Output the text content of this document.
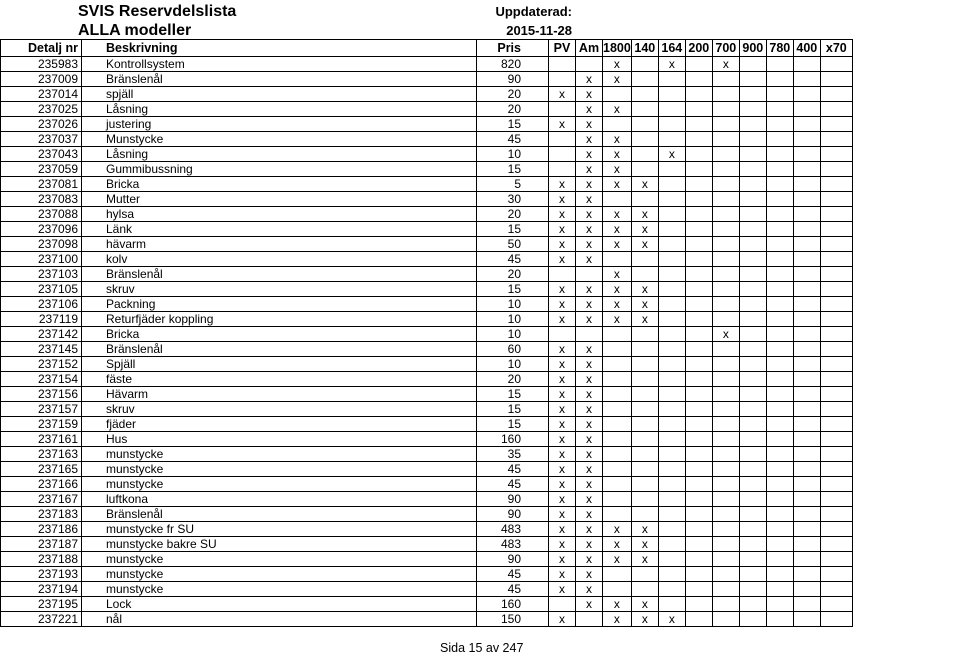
SVIS Reservdelslista
ALLA modeller
Uppdaterad:
2015-11-28
Detalj nr	Beskrivning	Pris	PV	Am	1800	140	164	200	700	900	780	400	x70
235983	Kontrollsystem	820			x		x		x				
237009	Bränslenål	90		x	x								
237014	spjäll	20	x	x									
237025	Låsning	20		x	x								
237026	justering	15	x	x									
237037	Munstycke	45		x	x								
237043	Låsning	10		x	x		x						
237059	Gummibussning	15		x	x								
237081	Bricka	5	x	x	x	x							
237083	Mutter	30	x	x									
237088	hylsa	20	x	x	x	x							
237096	Länk	15	x	x	x	x							
237098	hävarm	50	x	x	x	x							
237100	kolv	45	x	x									
237103	Bränslenål	20			x								
237105	skruv	15	x	x	x	x							
237106	Packning	10	x	x	x	x							
237119	Returfjäder koppling	10	x	x	x	x							
237142	Bricka	10							x				
237145	Bränslenål	60	x	x									
237152	Spjäll	10	x	x									
237154	fäste	20	x	x									
237156	Hävarm	15	x	x									
237157	skruv	15	x	x									
237159	fjäder	15	x	x									
237161	Hus	160	x	x									
237163	munstycke	35	x	x									
237165	munstycke	45	x	x									
237166	munstycke	45	x	x									
237167	luftkona	90	x	x									
237183	Bränslenål	90	x	x									
237186	munstycke fr SU	483	x	x	x	x							
237187	munstycke bakre SU	483	x	x	x	x							
237188	munstycke	90	x	x	x	x							
237193	munstycke	45	x	x									
237194	munstycke	45	x	x									
237195	Lock	160		x	x	x							
237221	nål	150	x		x	x	x						
Sida 15 av 247
